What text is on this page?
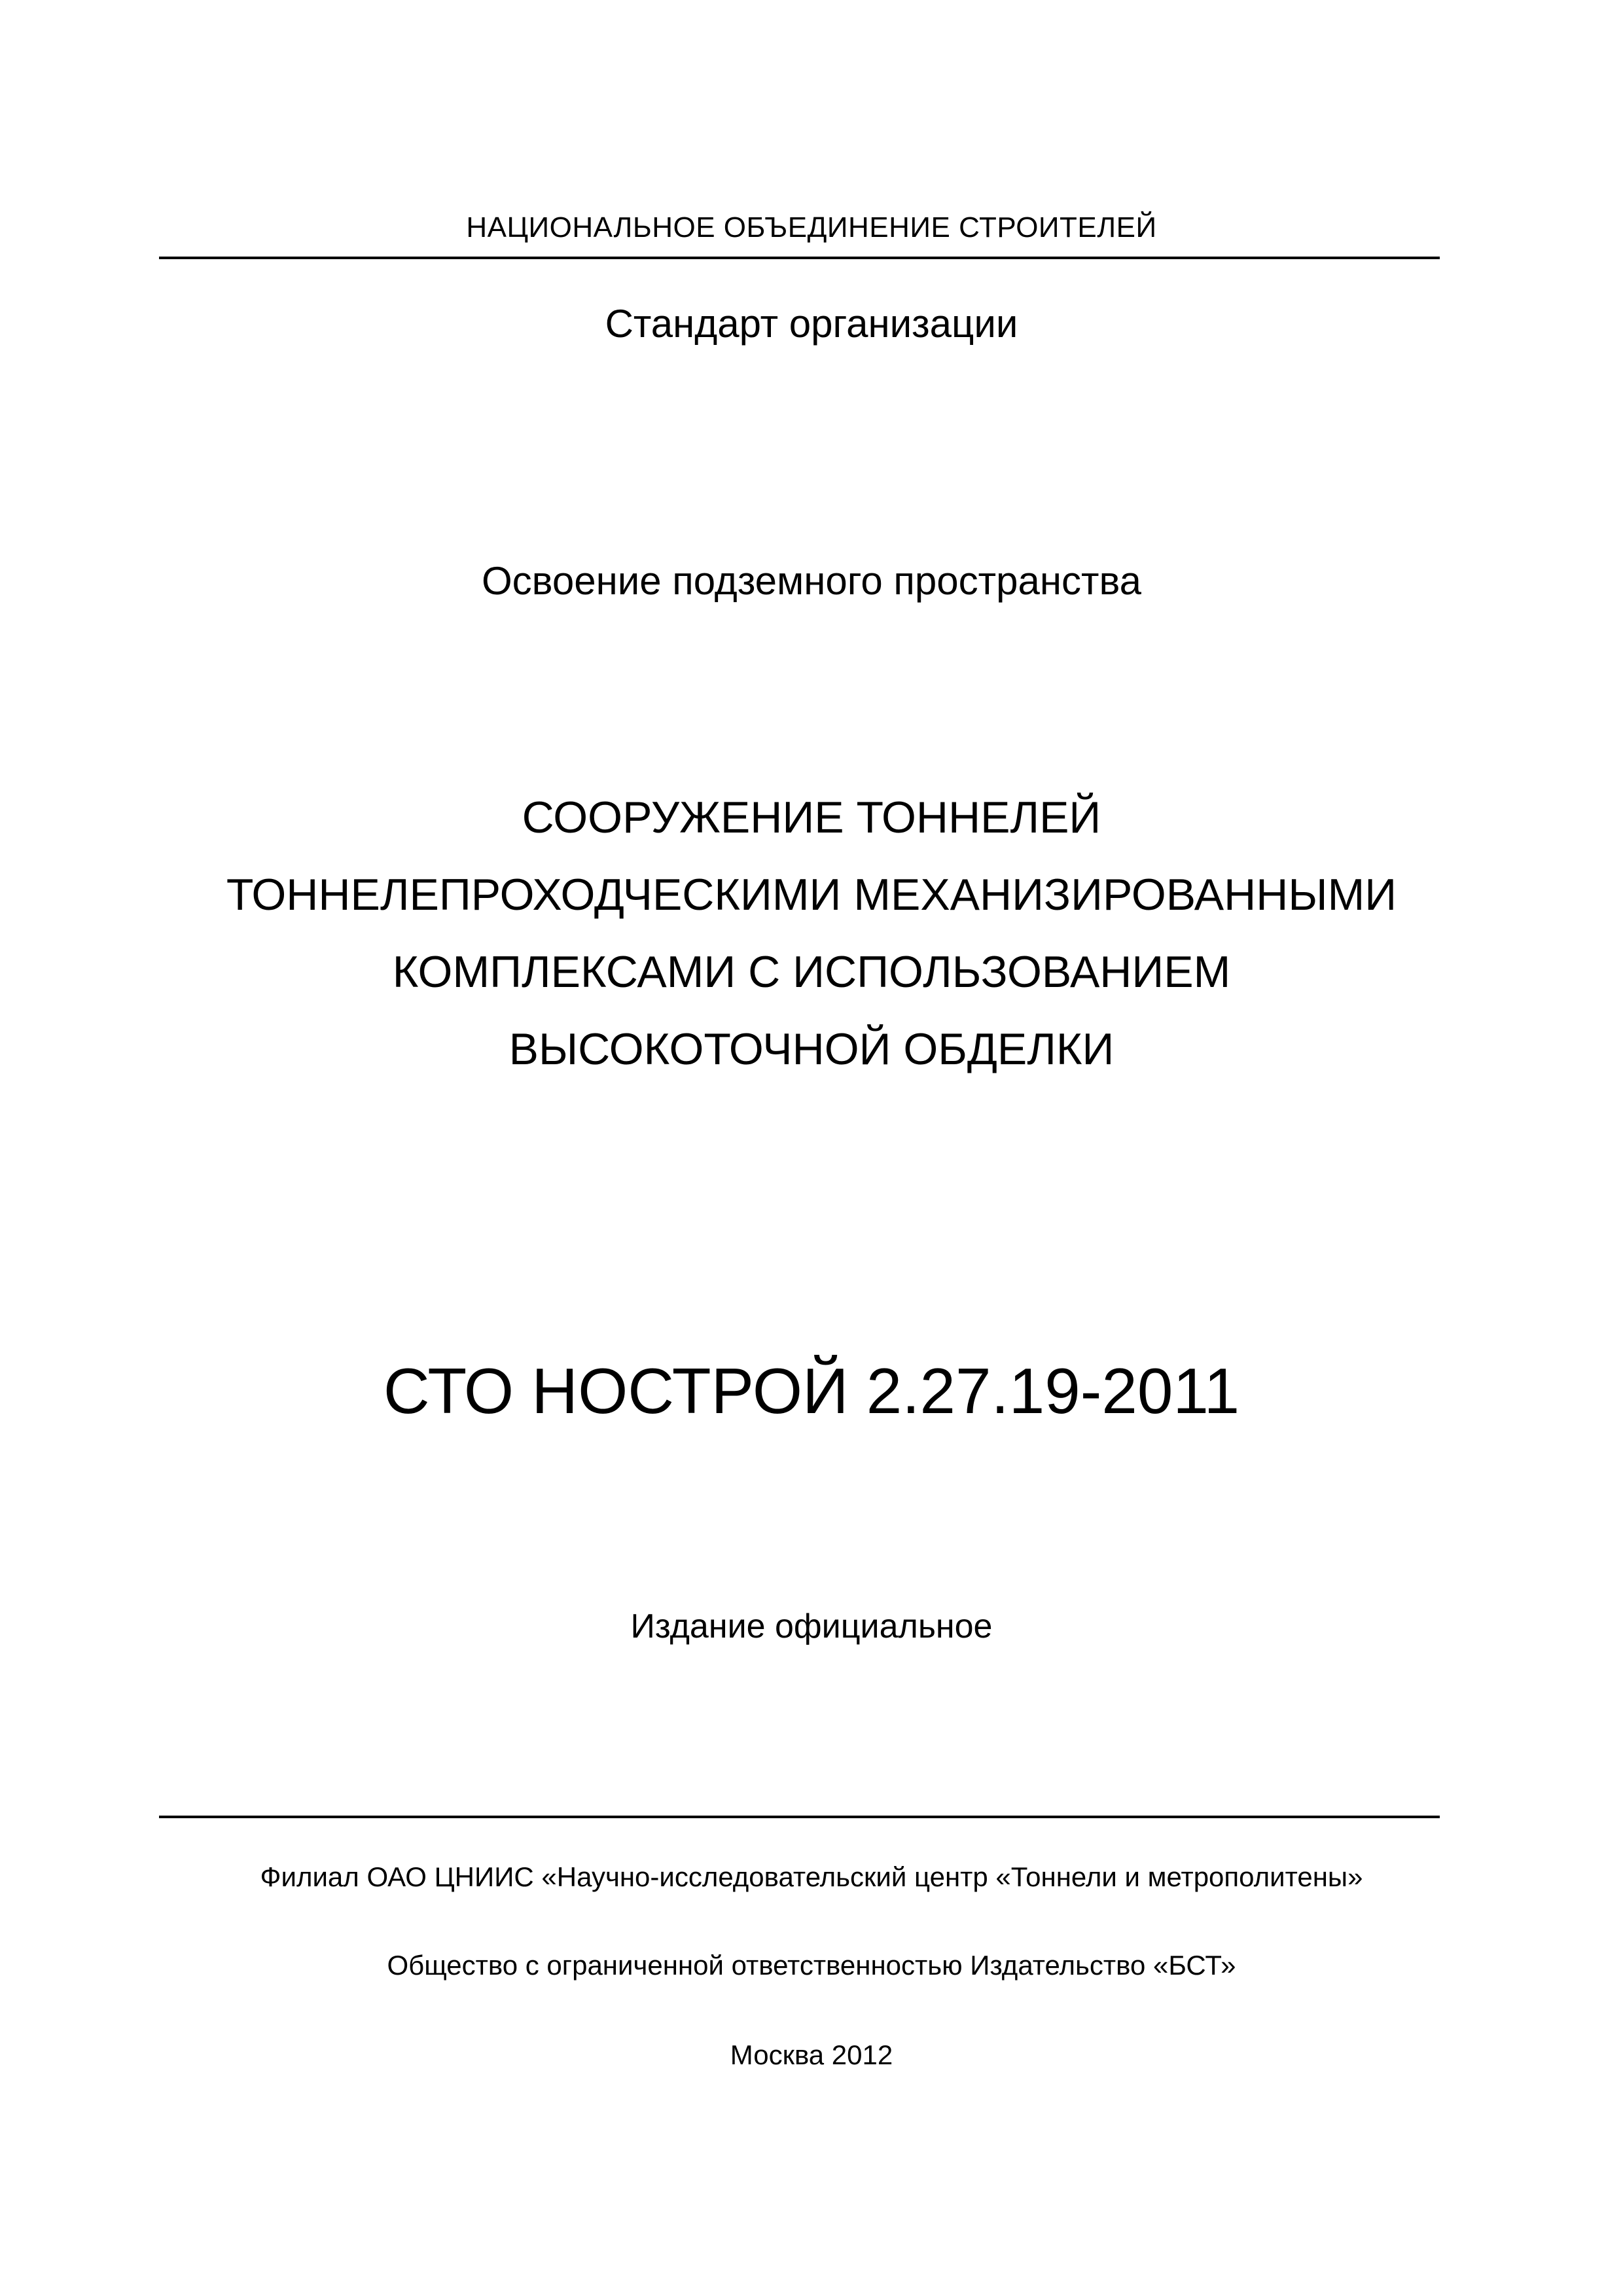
НАЦИОНАЛЬНОЕ ОБЪЕДИНЕНИЕ СТРОИТЕЛЕЙ

Стандарт организации

Освоение подземного пространства

СООРУЖЕНИЕ ТОННЕЛЕЙ
ТОННЕЛЕПРОХОДЧЕСКИМИ МЕХАНИЗИРОВАННЫМИ
КОМПЛЕКСАМИ С ИСПОЛЬЗОВАНИЕМ
ВЫСОКОТОЧНОЙ ОБДЕЛКИ

СТО НОСТРОЙ 2.27.19-2011

Издание официальное

Филиал ОАО ЦНИИС «Научно-исследовательский центр «Тоннели и метрополитены»

Общество с ограниченной ответственностью Издательство «БСТ»

Москва 2012
